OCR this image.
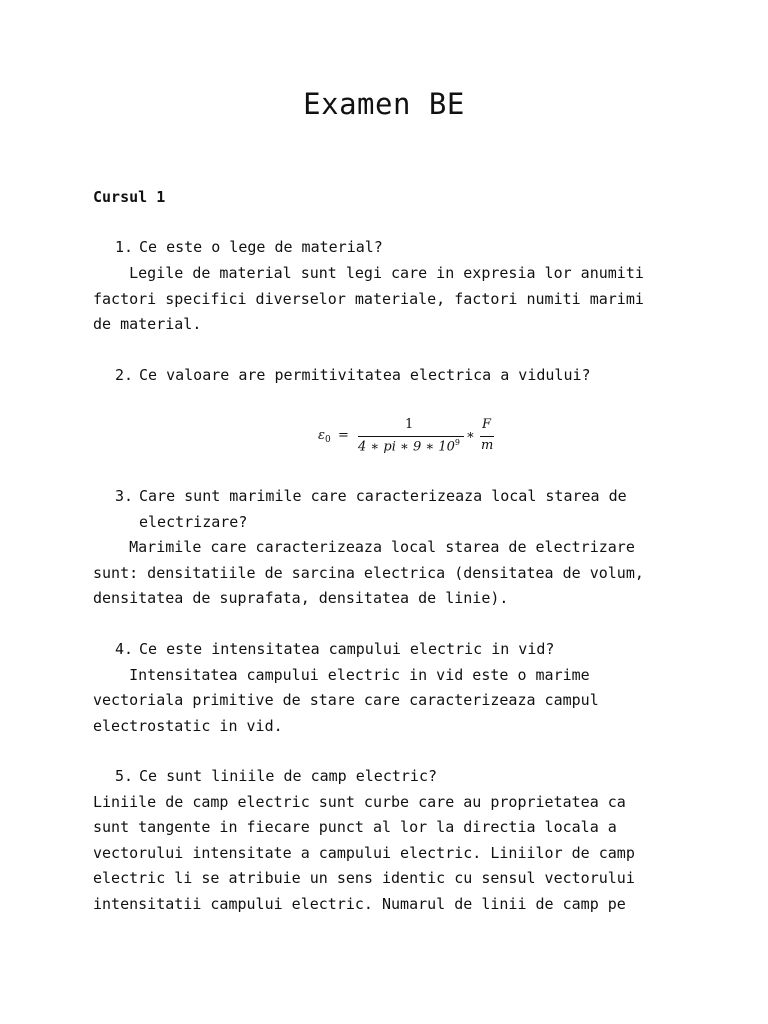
Examen BE
Cursul 1
1. Ce este o lege de material?
Legile de material sunt legi care in expresia lor anumiti
factori specifici diverselor materiale, factori numiti marimi
de material.
2. Ce valoare are permitivitatea electrica a vidului?
$\varepsilon_0$ =
1
4 ∗ pi ∗ 9 ∗ $10^9$ ∗
F
m
3. Care sunt marimile care caracterizeaza local starea de
electrizare?
Marimile care caracterizeaza local starea de electrizare
sunt: densitatiile de sarcina electrica (densitatea de volum,
densitatea de suprafata, densitatea de linie).
4. Ce este intensitatea campului electric in vid?
Intensitatea campului electric in vid este o marime
vectoriala primitive de stare care caracterizeaza campul
electrostatic in vid.
5. Ce sunt liniile de camp electric?
Liniile de camp electric sunt curbe care au proprietatea ca
sunt tangente in fiecare punct al lor la directia locala a
vectorului intensitate a campului electric. Liniilor de camp
electric li se atribuie un sens identic cu sensul vectorului
intensitatii campului electric. Numarul de linii de camp pe
